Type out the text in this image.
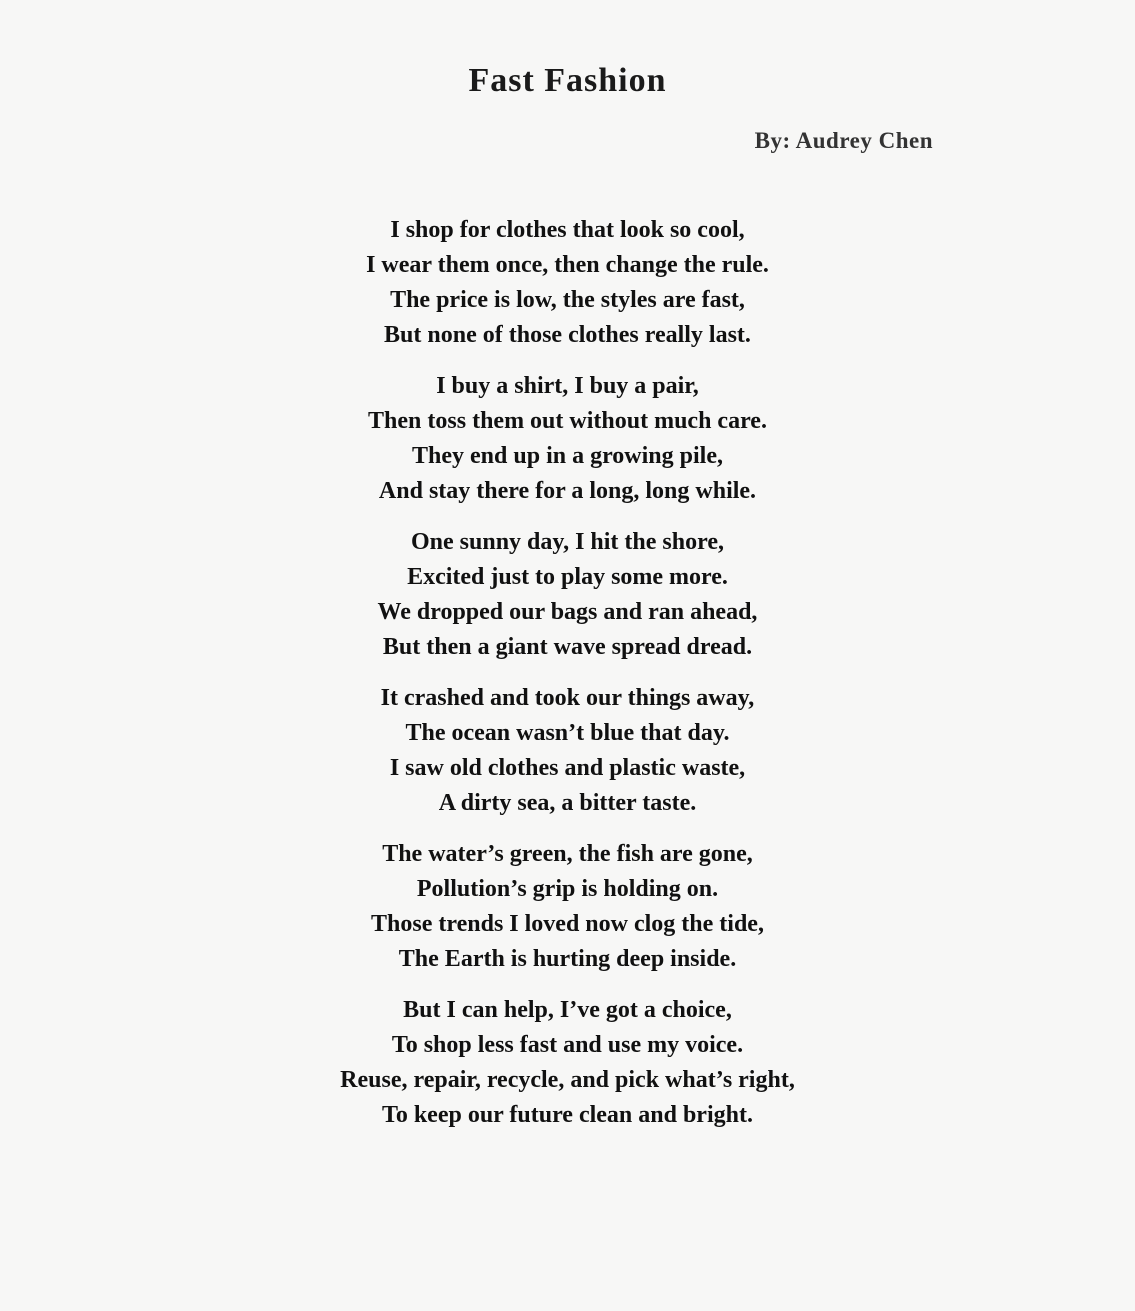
Fast Fashion

By: Audrey Chen

I shop for clothes that look so cool,
I wear them once, then change the rule.
The price is low, the styles are fast,
But none of those clothes really last.
I buy a shirt, I buy a pair,
Then toss them out without much care.
They end up in a growing pile,
And stay there for a long, long while.
One sunny day, I hit the shore,
Excited just to play some more.
We dropped our bags and ran ahead,
But then a giant wave spread dread.
It crashed and took our things away,
The ocean wasn’t blue that day.
I saw old clothes and plastic waste,
A dirty sea, a bitter taste.
The water’s green, the fish are gone,
Pollution’s grip is holding on.
Those trends I loved now clog the tide,
The Earth is hurting deep inside.
But I can help, I’ve got a choice,
To shop less fast and use my voice.
Reuse, repair, recycle, and pick what’s right,
To keep our future clean and bright.
